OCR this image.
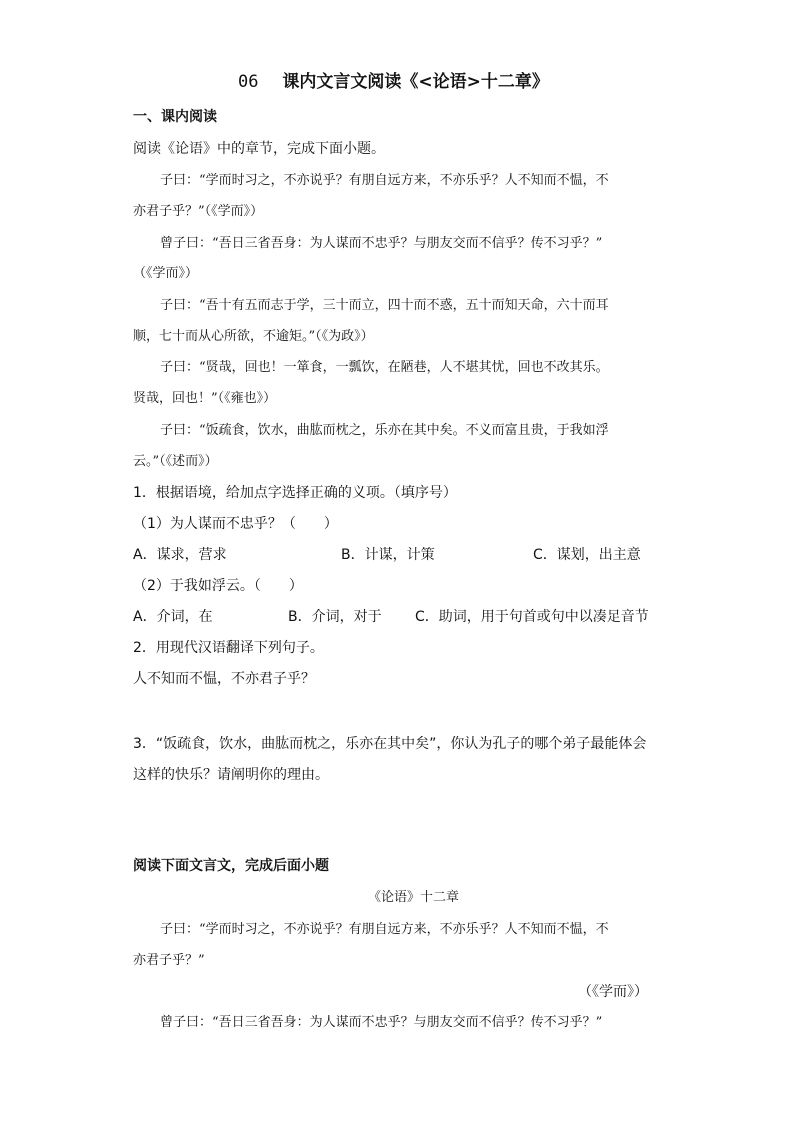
06 课内文言文阅读《<论语>十二章》
一、课内阅读
阅读《论语》中的章节，完成下面小题。
子曰：“学而时习之，不亦说乎？有朋自远方来，不亦乐乎？人不知而不愠，不
亦君子乎？”（《学而》）
曾子曰：“吾日三省吾身：为人谋而不忠乎？与朋友交而不信乎？传不习乎？”
（《学而》）
子曰：“吾十有五而志于学，三十而立，四十而不惑，五十而知天命，六十而耳
顺，七十而从心所欲，不逾矩。”（《为政》）
子曰：“贤哉，回也！一箪食，一瓢饮，在陋巷，人不堪其忧，回也不改其乐。
贤哉，回也！”（《雍也》）
子曰：“饭疏食，饮水，曲肱而枕之，乐亦在其中矣。不义而富且贵，于我如浮
云。”（《述而》）
1．根据语境，给加点字选择正确的义项。（填序号）
（1）为人谋而不忠乎？（　　）
A．谋求，营求	B．计谋，计策	C．谋划，出主意
（2）于我如浮云。（　　）
A．介词，在	B．介词，对于 C．助词，用于句首或句中以凑足音节
2．用现代汉语翻译下列句子。
人不知而不愠，不亦君子乎？
3．“饭疏食，饮水，曲肱而枕之，乐亦在其中矣”，你认为孔子的哪个弟子最能体会
这样的快乐？请阐明你的理由。
阅读下面文言文，完成后面小题
《论语》十二章
子曰：“学而时习之，不亦说乎？有朋自远方来，不亦乐乎？人不知而不愠，不
亦君子乎？”
（《学而》）
曾子曰：“吾日三省吾身：为人谋而不忠乎？与朋友交而不信乎？传不习乎？”
